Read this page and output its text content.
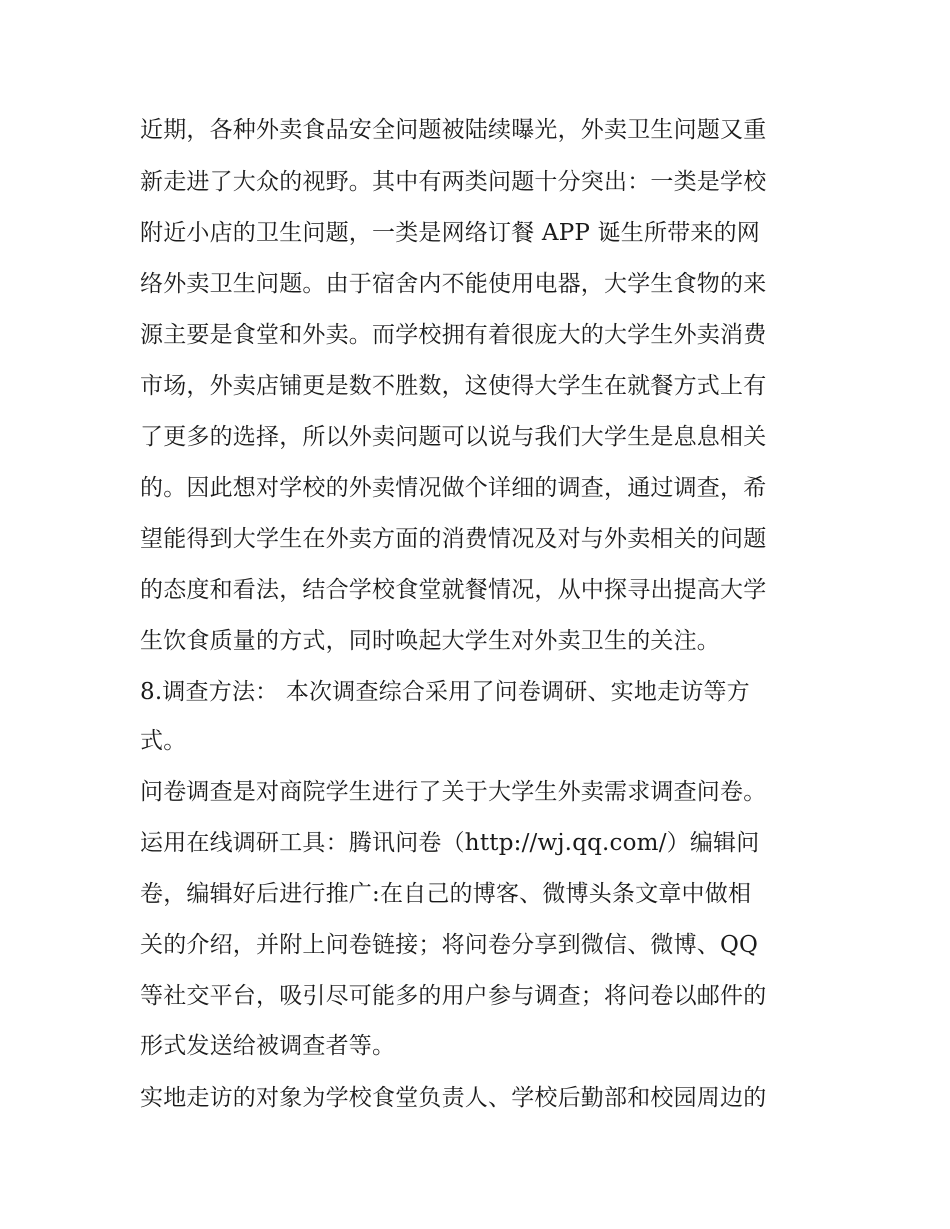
近期，各种外卖食品安全问题被陆续曝光，外卖卫生问题又重
新走进了大众的视野。其中有两类问题十分突出：一类是学校
附近小店的卫生问题，一类是网络订餐 APP 诞生所带来的网
络外卖卫生问题。由于宿舍内不能使用电器，大学生食物的来
源主要是食堂和外卖。而学校拥有着很庞大的大学生外卖消费
市场，外卖店铺更是数不胜数，这使得大学生在就餐方式上有
了更多的选择，所以外卖问题可以说与我们大学生是息息相关
的。因此想对学校的外卖情况做个详细的调查，通过调查，希
望能得到大学生在外卖方面的消费情况及对与外卖相关的问题
的态度和看法，结合学校食堂就餐情况，从中探寻出提高大学
生饮食质量的方式，同时唤起大学生对外卖卫生的关注。
8.调查方法： 本次调查综合采用了问卷调研、实地走访等方
式。
问卷调查是对商院学生进行了关于大学生外卖需求调查问卷。
运用在线调研工具：腾讯问卷（http://wj.qq.com/）编辑问
卷，编辑好后进行推广:在自己的博客、微博头条文章中做相
关的介绍，并附上问卷链接；将问卷分享到微信、微博、QQ
等社交平台，吸引尽可能多的用户参与调查；将问卷以邮件的
形式发送给被调查者等。
实地走访的对象为学校食堂负责人、学校后勤部和校园周边的
